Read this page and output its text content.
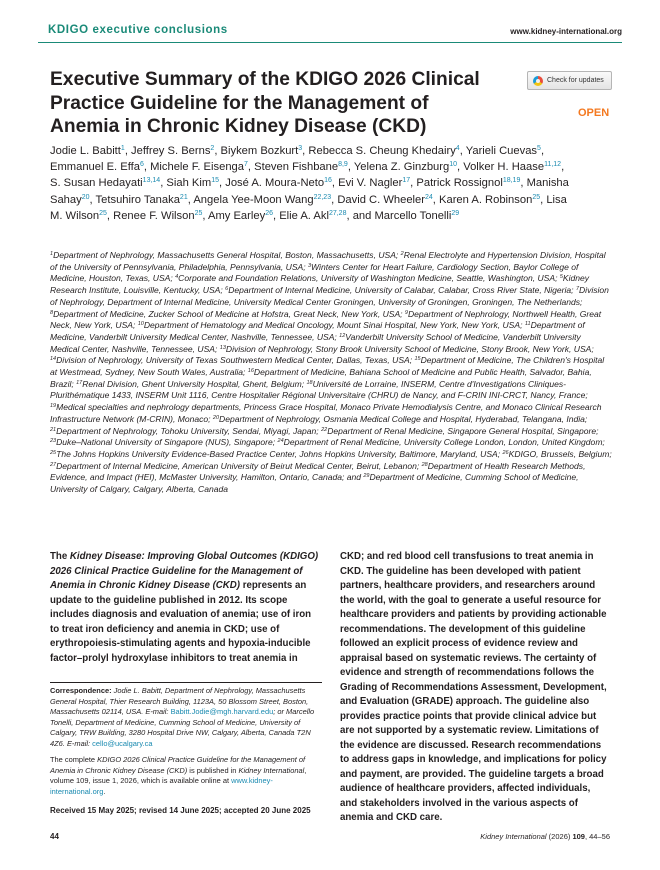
KDIGO executive conclusions	www.kidney-international.org
Executive Summary of the KDIGO 2026 Clinical Practice Guideline for the Management of Anemia in Chronic Kidney Disease (CKD)
Check for updates
OPEN
Jodie L. Babitt$^1$, Jeffrey S. Berns$^2$, Biykem Bozkurt$^3$, Rebecca S. Cheung Khedairy$^4$, Yarieli Cuevas$^5$, Emmanuel E. Effa$^6$, Michele F. Eisenga$^7$, Steven Fishbane$^{8,9}$, Yelena Z. Ginzburg$^{10}$, Volker H. Haase$^{11,12}$, S. Susan Hedayati$^{13,14}$, Siah Kim$^{15}$, José A. Moura-Neto$^{16}$, Evi V. Nagler$^{17}$, Patrick Rossignol$^{18,19}$, Manisha Sahay$^{20}$, Tetsuhiro Tanaka$^{21}$, Angela Yee-Moon Wang$^{22,23}$, David C. Wheeler$^{24}$, Karen A. Robinson$^{25}$, Lisa M. Wilson$^{25}$, Renee F. Wilson$^{25}$, Amy Earley$^{26}$, Elie A. Akl$^{27,28}$, and Marcello Tonelli$^{29}$
$^1$Department of Nephrology, Massachusetts General Hospital, Boston, Massachusetts, USA; $^2$Renal Electrolyte and Hypertension Division, Hospital of the University of Pennsylvania, Philadelphia, Pennsylvania, USA; $^3$Winters Center for Heart Failure, Cardiology Section, Baylor College of Medicine, Houston, Texas, USA; $^4$Corporate and Foundation Relations, University of Washington Medicine, Seattle, Washington, USA; $^5$Kidney Research Institute, Louisville, Kentucky, USA; $^6$Department of Internal Medicine, University of Calabar, Calabar, Cross River State, Nigeria; $^7$Division of Nephrology, Department of Internal Medicine, University Medical Center Groningen, University of Groningen, Groningen, The Netherlands; $^8$Department of Medicine, Zucker School of Medicine at Hofstra, Great Neck, New York, USA; $^9$Department of Nephrology, Northwell Health, Great Neck, New York, USA; $^{10}$Department of Hematology and Medical Oncology, Mount Sinai Hospital, New York, New York, USA; $^{11}$Department of Medicine, Vanderbilt University Medical Center, Nashville, Tennessee, USA; $^{12}$Vanderbilt University School of Medicine, Vanderbilt University Medical Center, Nashville, Tennessee, USA; $^{13}$Division of Nephrology, Stony Brook University School of Medicine, Stony Brook, New York, USA; $^{14}$Division of Nephrology, University of Texas Southwestern Medical Center, Dallas, Texas, USA; $^{15}$Department of Medicine, The Children's Hospital at Westmead, Sydney, New South Wales, Australia; $^{16}$Department of Medicine, Bahiana School of Medicine and Public Health, Salvador, Bahia, Brazil; $^{17}$Renal Division, Ghent University Hospital, Ghent, Belgium; $^{18}$Université de Lorraine, INSERM, Centre d'Investigations Cliniques-Plurithématique 1433, INSERM Unit 1116, Centre Hospitalier Régional Universitaire (CHRU) de Nancy, and F-CRIN INI-CRCT, Nancy, France; $^{19}$Medical specialties and nephrology departments, Princess Grace Hospital, Monaco Private Hemodialysis Centre, and Monaco Clinical Research Infrastructure Network (M-CRIN), Monaco; $^{20}$Department of Nephrology, Osmania Medical College and Hospital, Hyderabad, Telangana, India; $^{21}$Department of Nephrology, Tohoku University, Sendai, Miyagi, Japan; $^{22}$Department of Renal Medicine, Singapore General Hospital, Singapore; $^{23}$Duke–National University of Singapore (NUS), Singapore; $^{24}$Department of Renal Medicine, University College London, London, United Kingdom; $^{25}$The Johns Hopkins University Evidence-Based Practice Center, Johns Hopkins University, Baltimore, Maryland, USA; $^{26}$KDIGO, Brussels, Belgium; $^{27}$Department of Internal Medicine, American University of Beirut Medical Center, Beirut, Lebanon; $^{28}$Department of Health Research Methods, Evidence, and Impact (HEI), McMaster University, Hamilton, Ontario, Canada; and $^{29}$Department of Medicine, Cumming School of Medicine, University of Calgary, Calgary, Alberta, Canada
The Kidney Disease: Improving Global Outcomes (KDIGO) 2026 Clinical Practice Guideline for the Management of Anemia in Chronic Kidney Disease (CKD) represents an update to the guideline published in 2012. Its scope includes diagnosis and evaluation of anemia; use of iron to treat iron deficiency and anemia in CKD; use of erythropoiesis-stimulating agents and hypoxia-inducible factor–prolyl hydroxylase inhibitors to treat anemia in
CKD; and red blood cell transfusions to treat anemia in CKD. The guideline has been developed with patient partners, healthcare providers, and researchers around the world, with the goal to generate a useful resource for healthcare providers and patients by providing actionable recommendations. The development of this guideline followed an explicit process of evidence review and appraisal based on systematic reviews. The certainty of evidence and strength of recommendations follows the Grading of Recommendations Assessment, Development, and Evaluation (GRADE) approach. The guideline also provides practice points that provide clinical advice but are not supported by a systematic review. Limitations of the evidence are discussed. Research recommendations to address gaps in knowledge, and implications for policy and payment, are provided. The guideline targets a broad audience of healthcare providers, affected individuals, and stakeholders involved in the various aspects of anemia and CKD care.

Correspondence: Jodie L. Babitt, Department of Nephrology, Massachusetts General Hospital, Thier Research Building, 1123A, 50 Blossom Street, Boston, Massachusetts 02114, USA. E-mail: Babitt.Jodie@mgh.harvard.edu; or Marcello Tonelli, Department of Medicine, Cumming School of Medicine, University of Calgary, TRW Building, 3280 Hospital Drive NW, Calgary, Alberta, Canada T2N 4Z6. E-mail: cello@ucalgary.ca

The complete KDIGO 2026 Clinical Practice Guideline for the Management of Anemia in Chronic Kidney Disease (CKD) is published in Kidney International, volume 109, issue 1, 2026, which is available online at www.kidney-international.org.

Received 15 May 2025; revised 14 June 2025; accepted 20 June 2025
44	Kidney International (2026) 109, 44–56
